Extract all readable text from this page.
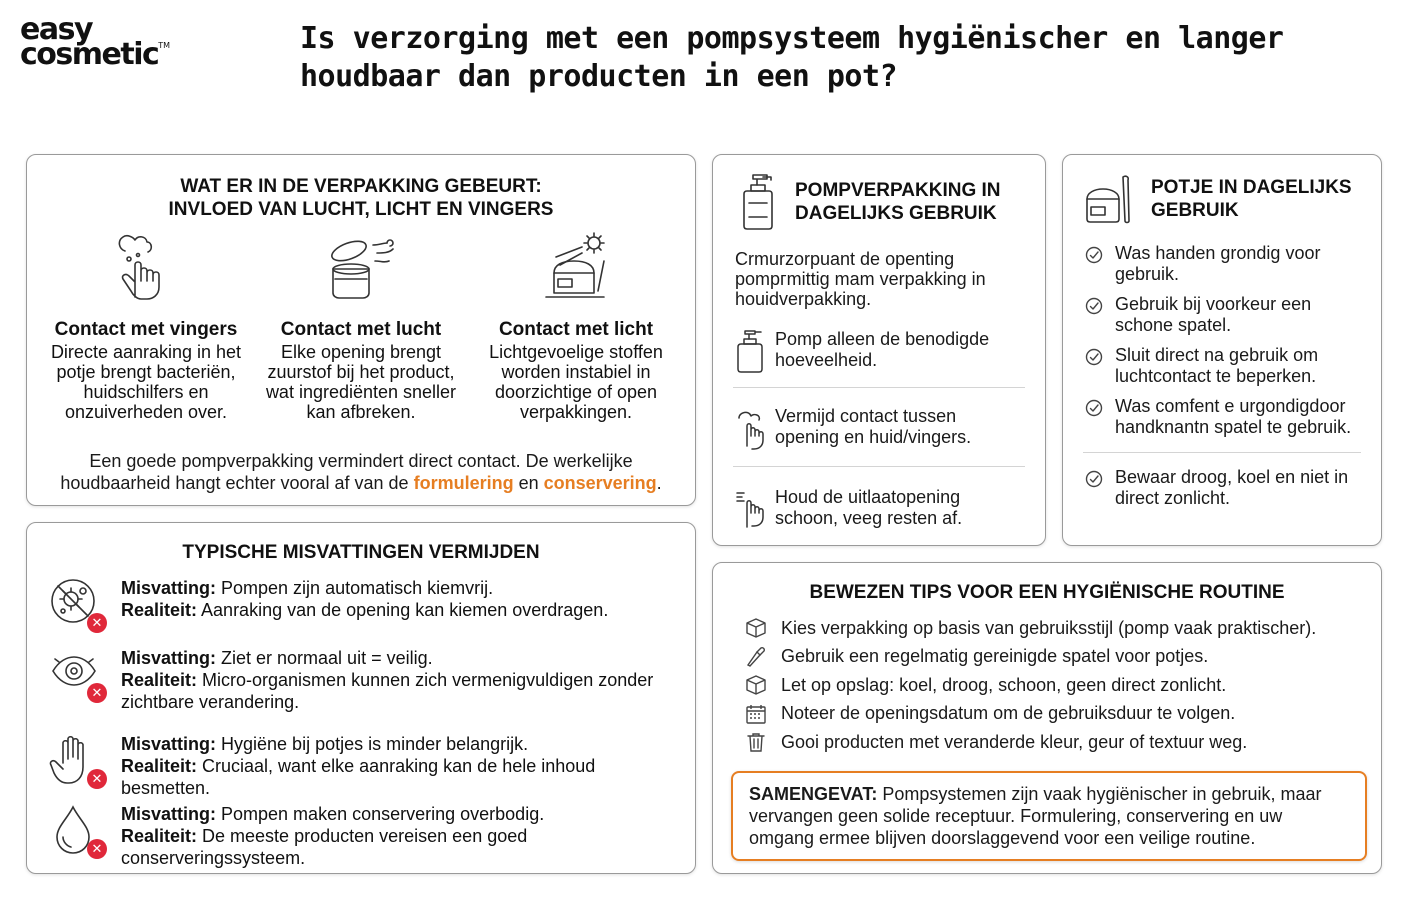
easy
cosmetic™	Is verzorging met een pompsysteem hygiënischer en langer houdbaar dan producten in een pot?
WAT ER IN DE VERPAKKING GEBEURT:
INVLOED VAN LUCHT, LICHT EN VINGERS
Contact met vingers

Directe aanraking in het potje brengt bacteriën, huidschilfers en onzuiverheden over.

Contact met lucht

Elke opening brengt zuurstof bij het product, wat ingrediënten sneller kan afbreken.

Contact met licht

Lichtgevoelige stoffen worden instabiel in doorzichtige of open verpakkingen.

Een goede pompverpakking vermindert direct contact. De werkelijke houdbaarheid hangt echter vooral af van de formulering en conservering.

TYPISCHE MISVATTINGEN VERMIJDEN
✕
Misvatting: Pompen zijn automatisch kiemvrij.
Realiteit: Aanraking van de opening kan kiemen overdragen.
✕
Misvatting: Ziet er normaal uit = veilig.
Realiteit: Micro-organismen kunnen zich vermenigvuldigen zonder zichtbare verandering.
✕
Misvatting: Hygiëne bij potjes is minder belangrijk.
Realiteit: Cruciaal, want elke aanraking kan de hele inhoud besmetten.
✕
Misvatting: Pompen maken conservering overbodig.
Realiteit: De meeste producten vereisen een goed conserveringssysteem.
POMPVERPAKKING IN
DAGELIJKS GEBRUIK

Crmurzorpuant de openting pompгmittig mam verpakking in houidverpakking.

Pomp alleen de benodigde hoeveelheid.

Vermijd contact tussen opening en huid/vingers.

Houd de uitlaatopening schoon, veeg resten af.

POTJE IN DAGELIJKS
GEBRUIK

Was handen grondig voor gebruik.

Gebruik bij voorkeur een schone spatel.

Sluit direct na gebruik om luchtcontact te beperken.

Was comfent e urgondigdoor handknantn spatel te gebruik.

Bewaar droog, koel en niet in direct zonlicht.

BEWEZEN TIPS VOOR EEN HYGIËNISCHE ROUTINE

Kies verpakking op basis van gebruiksstijl (pomp vaak praktischer).

Gebruik een regelmatig gereinigde spatel voor potjes.

Let op opslag: koel, droog, schoon, geen direct zonlicht.

Noteer de openingsdatum om de gebruiksduur te volgen.

Gooi producten met veranderde kleur, geur of textuur weg.

SAMENGEVAT: Pompsystemen zijn vaak hygiënischer in gebruik, maar vervangen geen solide receptuur. Formulering, conservering en uw omgang ermee blijven doorslaggevend voor een veilige routine.
